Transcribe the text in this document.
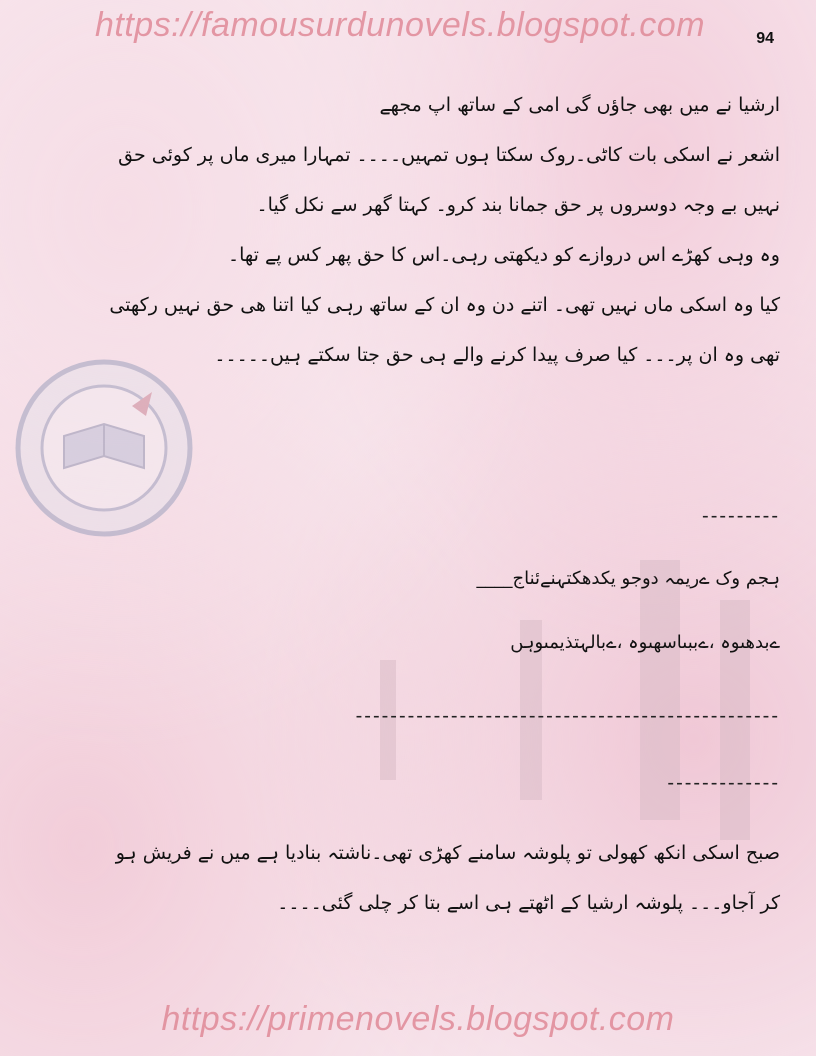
https://famousurdunovels.blogspot.com	94
ارشیا نے میں بھی جاؤں گی امی کے ساتھ اپ مجھے
اشعر نے اسکی بات کاٹی۔روک سکتا ہوں تمہیں۔۔۔۔ تمہارا میری ماں پر کوئی حق
نہیں بے وجہ دوسروں پر حق جمانا بند کرو۔ کہتا گھر سے نکل گیا۔
وہ وہی کھڑے اس دروازے کو دیکھتی رہی۔اس کا حق پھر کس پے تھا۔
کیا وہ اسکی ماں نہیں تھی۔ اتنے دن وہ ان کے ساتھ رہی کیا اتنا ھی حق نہیں رکھتی
تھی وہ ان پر۔۔۔ کیا صرف پیدا کرنے والے ہی حق جتا سکتے ہیں۔۔۔۔۔
---------
ہجم وک ےریمہ دوجو یکدھکتہنےئناج____
ےبدھںوہ ،ےببںاسھںوہ ،ےبالہتذیمںوہں
-------------------------------------------------
-------------
صبح اسکی انکھ کھولی تو پلوشہ سامنے کھڑی تھی۔ناشتہ بنادیا ہے میں نے فریش ہو
کر آجاو۔۔۔ پلوشہ ارشیا کے اٹھتے ہی اسے بتا کر چلی گئی۔۔۔۔
https://primenovels.blogspot.com
